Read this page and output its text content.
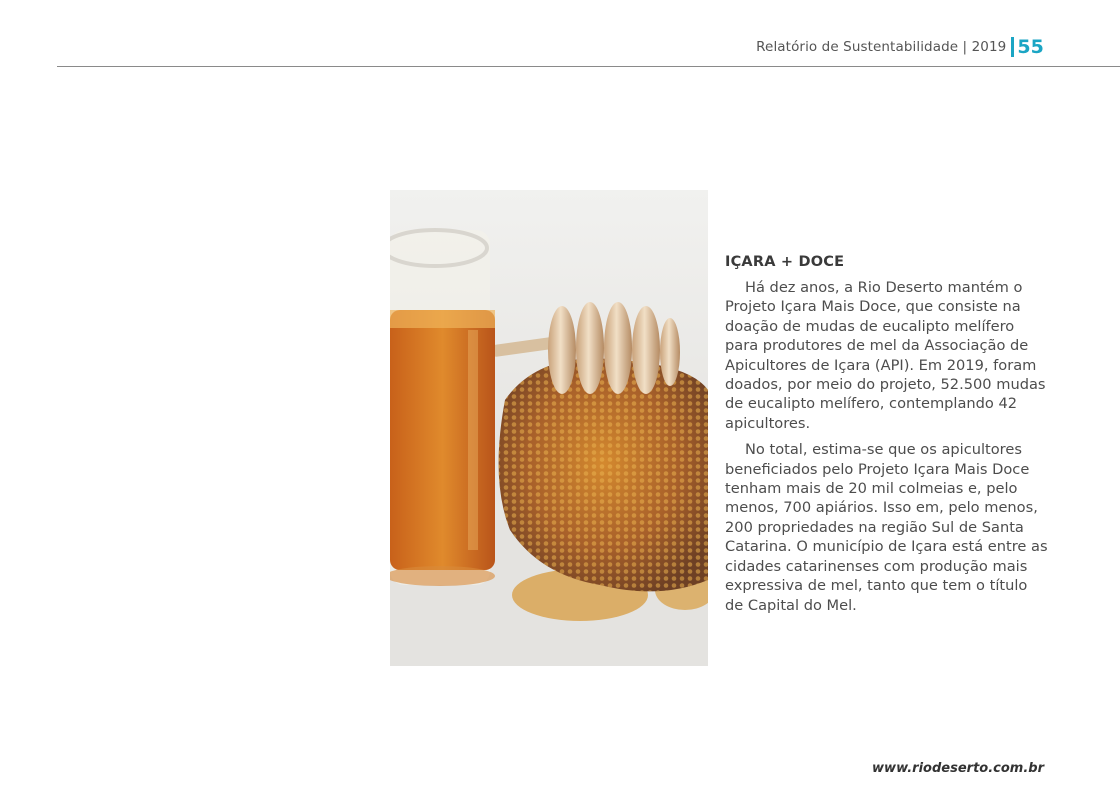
Relatório de Sustentabilidade | 2019 55
IÇARA + DOCE

Há dez anos, a Rio Deserto mantém o Projeto Içara Mais Doce, que consiste na doação de mudas de eucalipto melífero para produtores de mel da Associação de Apicultores de Içara (API). Em 2019, foram doados, por meio do projeto, 52.500 mudas de eucalipto melífero, contemplando 42 apicultores.

No total, estima-se que os apicultores beneficiados pelo Projeto Içara Mais Doce tenham mais de 20 mil colmeias e, pelo menos, 700 apiários. Isso em, pelo menos, 200 propriedades na região Sul de Santa Catarina. O município de Içara está entre as cidades catarinenses com produção mais expressiva de mel, tanto que tem o título de Capital do Mel.

www.riodeserto.com.br
